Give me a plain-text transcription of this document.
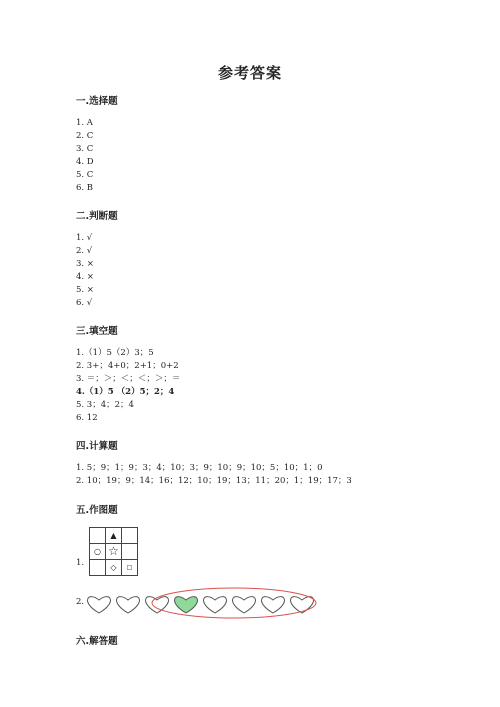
参考答案
一.选择题
1. A
2. C
3. C
4. D
5. C
6. B
二.判断题
1. √
2. √
3. ×
4. ×
5. ×
6. √
三.填空题
1.（1）5（2）3；5
2. 3+；4+0；2+1；0+2
3. ＝；＞；＜；＜；＞；＝
4.（1）5 （2）5；2；4
5. 3；4；2；4
6. 12
四.计算题
1. 5；9；1；9；3；4；10；3；9；10；9；10；5；10；1；0
2. 10；19；9；14；16；12；10；19；13；11；20；1；19；17；3
五.作图题
1.
	▲	
○	☆	
	◇	□
2.
六.解答题
